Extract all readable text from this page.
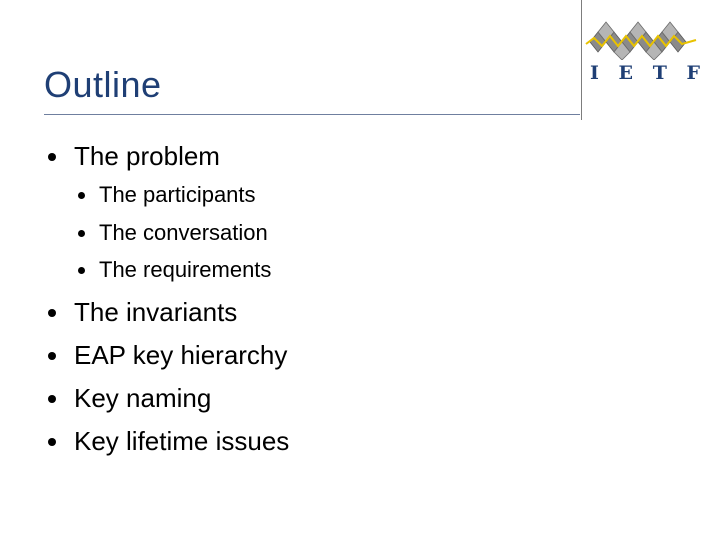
Outline	I E T F
The problem
The participants
The conversation
The requirements
The invariants
EAP key hierarchy
Key naming
Key lifetime issues
